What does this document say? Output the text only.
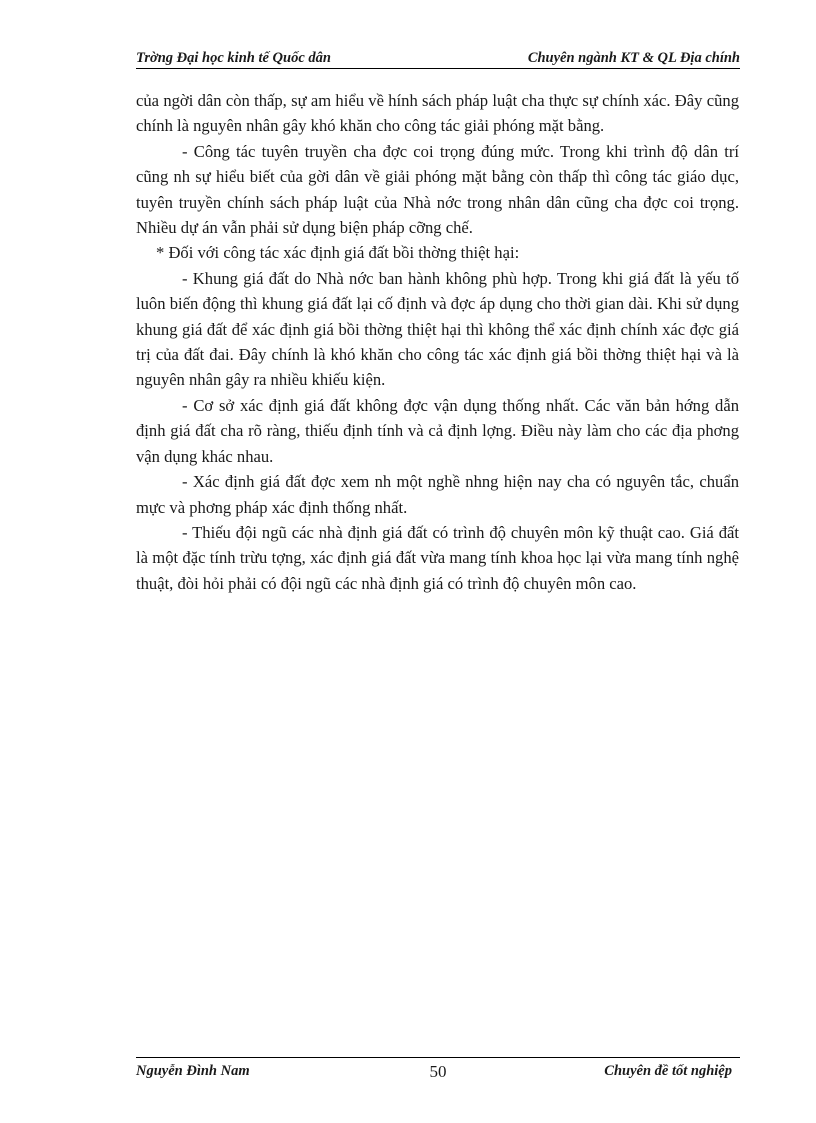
Trờng Đại học kinh tế Quốc dân	Chuyên ngành KT & QL Địa chính

của ngời dân còn thấp, sự am hiểu về hính sách pháp luật cha thực sự chính xác. Đây cũng chính là nguyên nhân gây khó khăn cho công tác giải phóng mặt bằng.

- Công tác tuyên truyền cha đợc coi trọng đúng mức. Trong khi trình độ dân trí cũng nh sự hiểu biết của gời dân về giải phóng mặt bằng còn thấp thì công tác giáo dục, tuyên truyền chính sách pháp luật của Nhà nớc trong nhân dân cũng cha đợc coi trọng. Nhiều dự án vẫn phải sử dụng biện pháp cỡng chế.

* Đối với công tác xác định giá đất bồi thờng thiệt hại:

- Khung giá đất do Nhà nớc ban hành không phù hợp. Trong khi giá đất là yếu tố luôn biến động thì khung giá đất lại cố định và đợc áp dụng cho thời gian dài. Khi sử dụng khung giá đất để xác định giá bồi thờng thiệt hại thì không thể xác định chính xác đợc giá trị của đất đai. Đây chính là khó khăn cho công tác xác định giá bồi thờng thiệt hại và là nguyên nhân gây ra nhiều khiếu kiện.

- Cơ sở xác định giá đất không đợc vận dụng thống nhất. Các văn bản hớng dẫn định giá đất cha rõ ràng, thiếu định tính và cả định lợng. Điều này làm cho các địa phơng vận dụng khác nhau.

- Xác định giá đất đợc xem nh một nghề nhng hiện nay cha có nguyên tắc, chuẩn mực và phơng pháp xác định thống nhất.

- Thiếu đội ngũ các nhà định giá đất có trình độ chuyên môn kỹ thuật cao. Giá đất là một đặc tính trừu tợng, xác định giá đất vừa mang tính khoa học lại vừa mang tính nghệ thuật, đòi hỏi phải có đội ngũ các nhà định giá có trình độ chuyên môn cao.

Nguyễn Đình Nam	50	Chuyên đề tốt nghiệp
